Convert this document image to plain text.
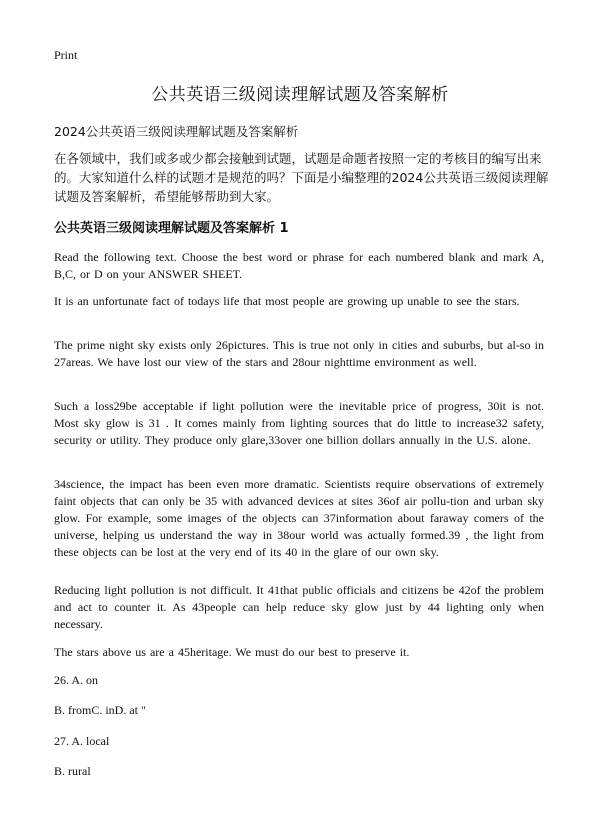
Print
公共英语三级阅读理解试题及答案解析
2024公共英语三级阅读理解试题及答案解析

在各领域中，我们或多或少都会接触到试题，试题是命题者按照一定的考核目的编写出来的。大家知道什么样的试题才是规范的吗？下面是小编整理的2024公共英语三级阅读理解试题及答案解析，希望能够帮助到大家。

公共英语三级阅读理解试题及答案解析 1

Read the following text. Choose the best word or phrase for each numbered blank and mark A, B,C, or D on your ANSWER SHEET.

It is an unfortunate fact of todays life that most people are growing up unable to see the stars.

The prime night sky exists only 26pictures. This is true not only in cities and suburbs, but al-so in 27areas. We have lost our view of the stars and 28our nighttime environment as well.

Such a loss29be acceptable if light pollution were the inevitable price of progress, 30it is not. Most sky glow is 31 . It comes mainly from lighting sources that do little to increase32 safety, security or utility. They produce only glare,33over one billion dollars annually in the U.S. alone.

34science, the impact has been even more dramatic. Scientists require observations of extremely faint objects that can only be 35 with advanced devices at sites 36of air pollu-tion and urban sky glow. For example, some images of the objects can 37information about faraway comers of the universe, helping us understand the way in 38our world was actually formed.39 , the light from these objects can be lost at the very end of its 40 in the glare of our own sky.

Reducing light pollution is not difficult. It 41that public officials and citizens be 42of the problem and act to counter it. As 43people can help reduce sky glow just by 44 lighting only when necessary.

The stars above us are a 45heritage. We must do our best to preserve it.

26. A. on
B. fromC. inD. at "
27. A. local
B. rural
